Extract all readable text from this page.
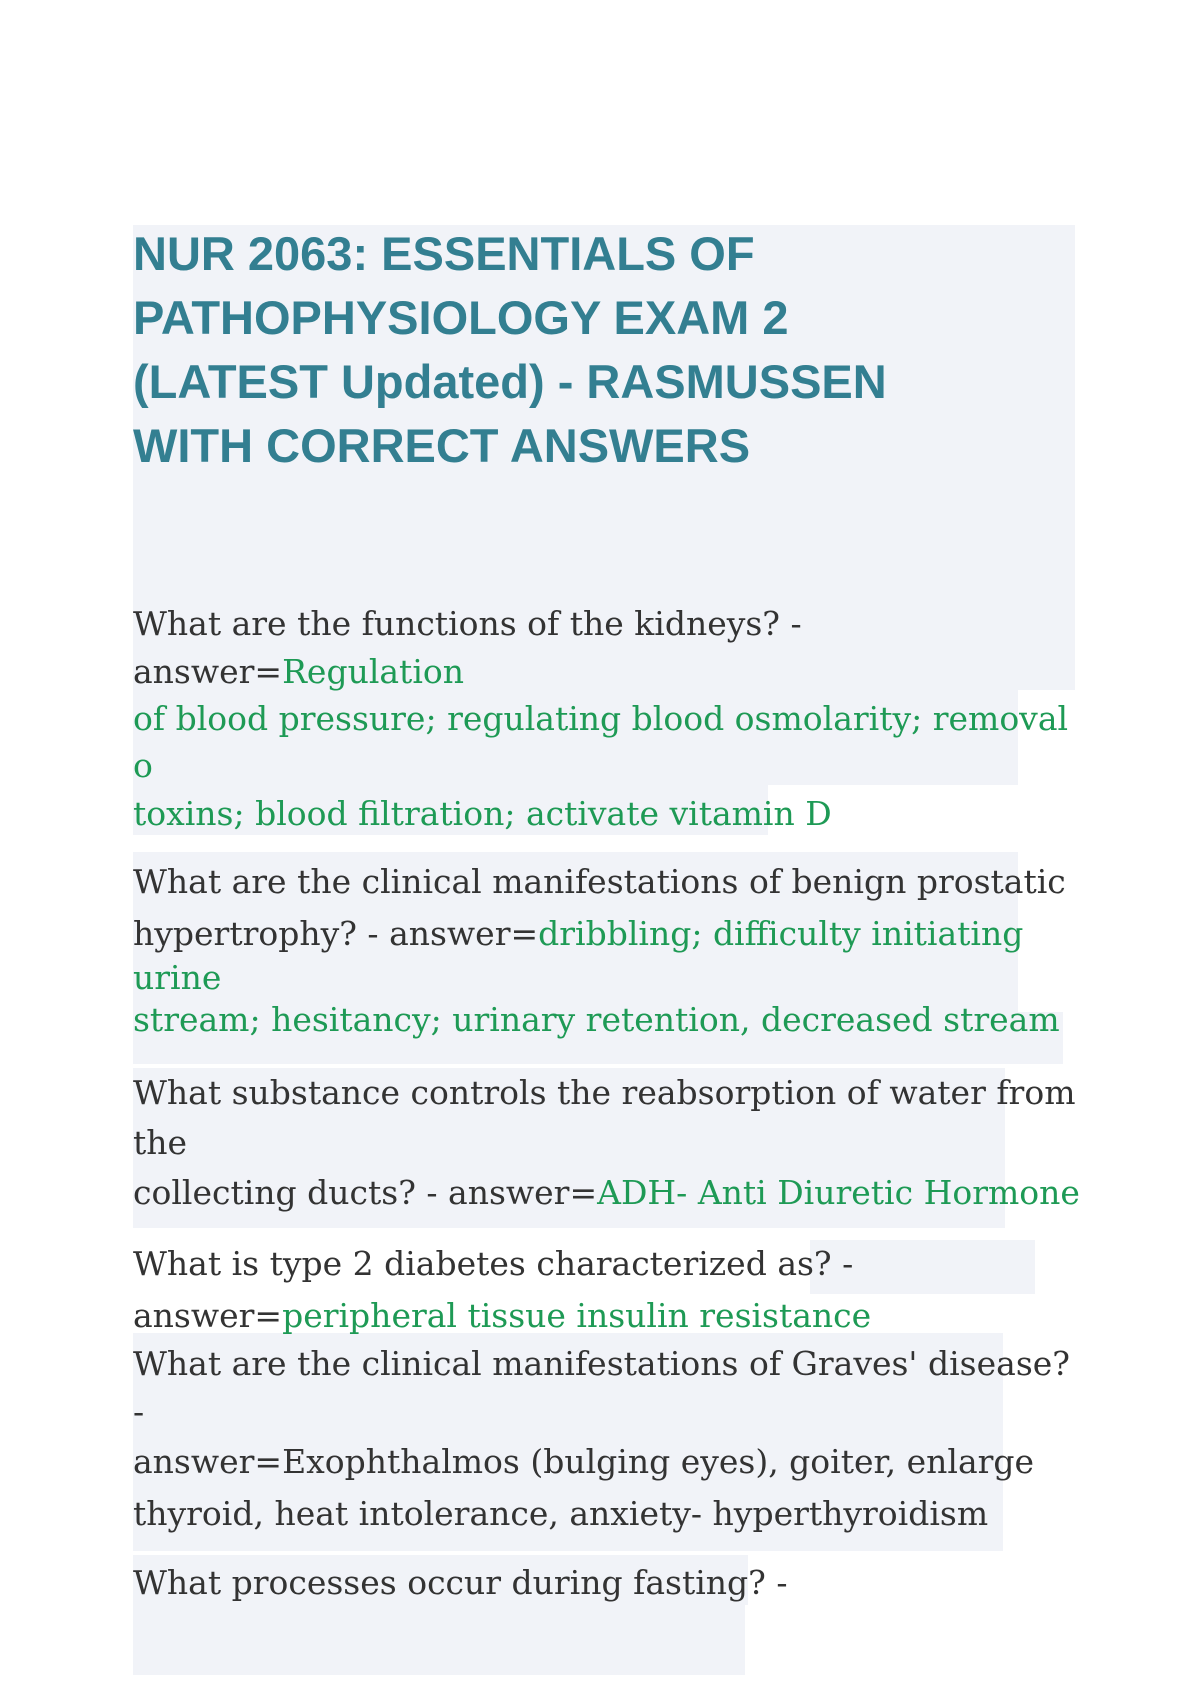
NUR 2063: ESSENTIALS OF
PATHOPHYSIOLOGY EXAM 2
(LATEST Updated) - RASMUSSEN
WITH CORRECT ANSWERS
What are the functions of the kidneys? -
answer=Regulation
of blood pressure; regulating blood osmolarity; removal
o
toxins; blood filtration; activate vitamin D
What are the clinical manifestations of benign prostatic
hypertrophy? - answer=dribbling; difficulty initiating
urine
stream; hesitancy; urinary retention, decreased stream
What substance controls the reabsorption of water from
the
collecting ducts? - answer=ADH- Anti Diuretic Hormone
What is type 2 diabetes characterized as? -
answer=peripheral tissue insulin resistance
What are the clinical manifestations of Graves' disease?
-
answer=Exophthalmos (bulging eyes), goiter, enlarge
thyroid, heat intolerance, anxiety- hyperthyroidism
What processes occur during fasting? -
